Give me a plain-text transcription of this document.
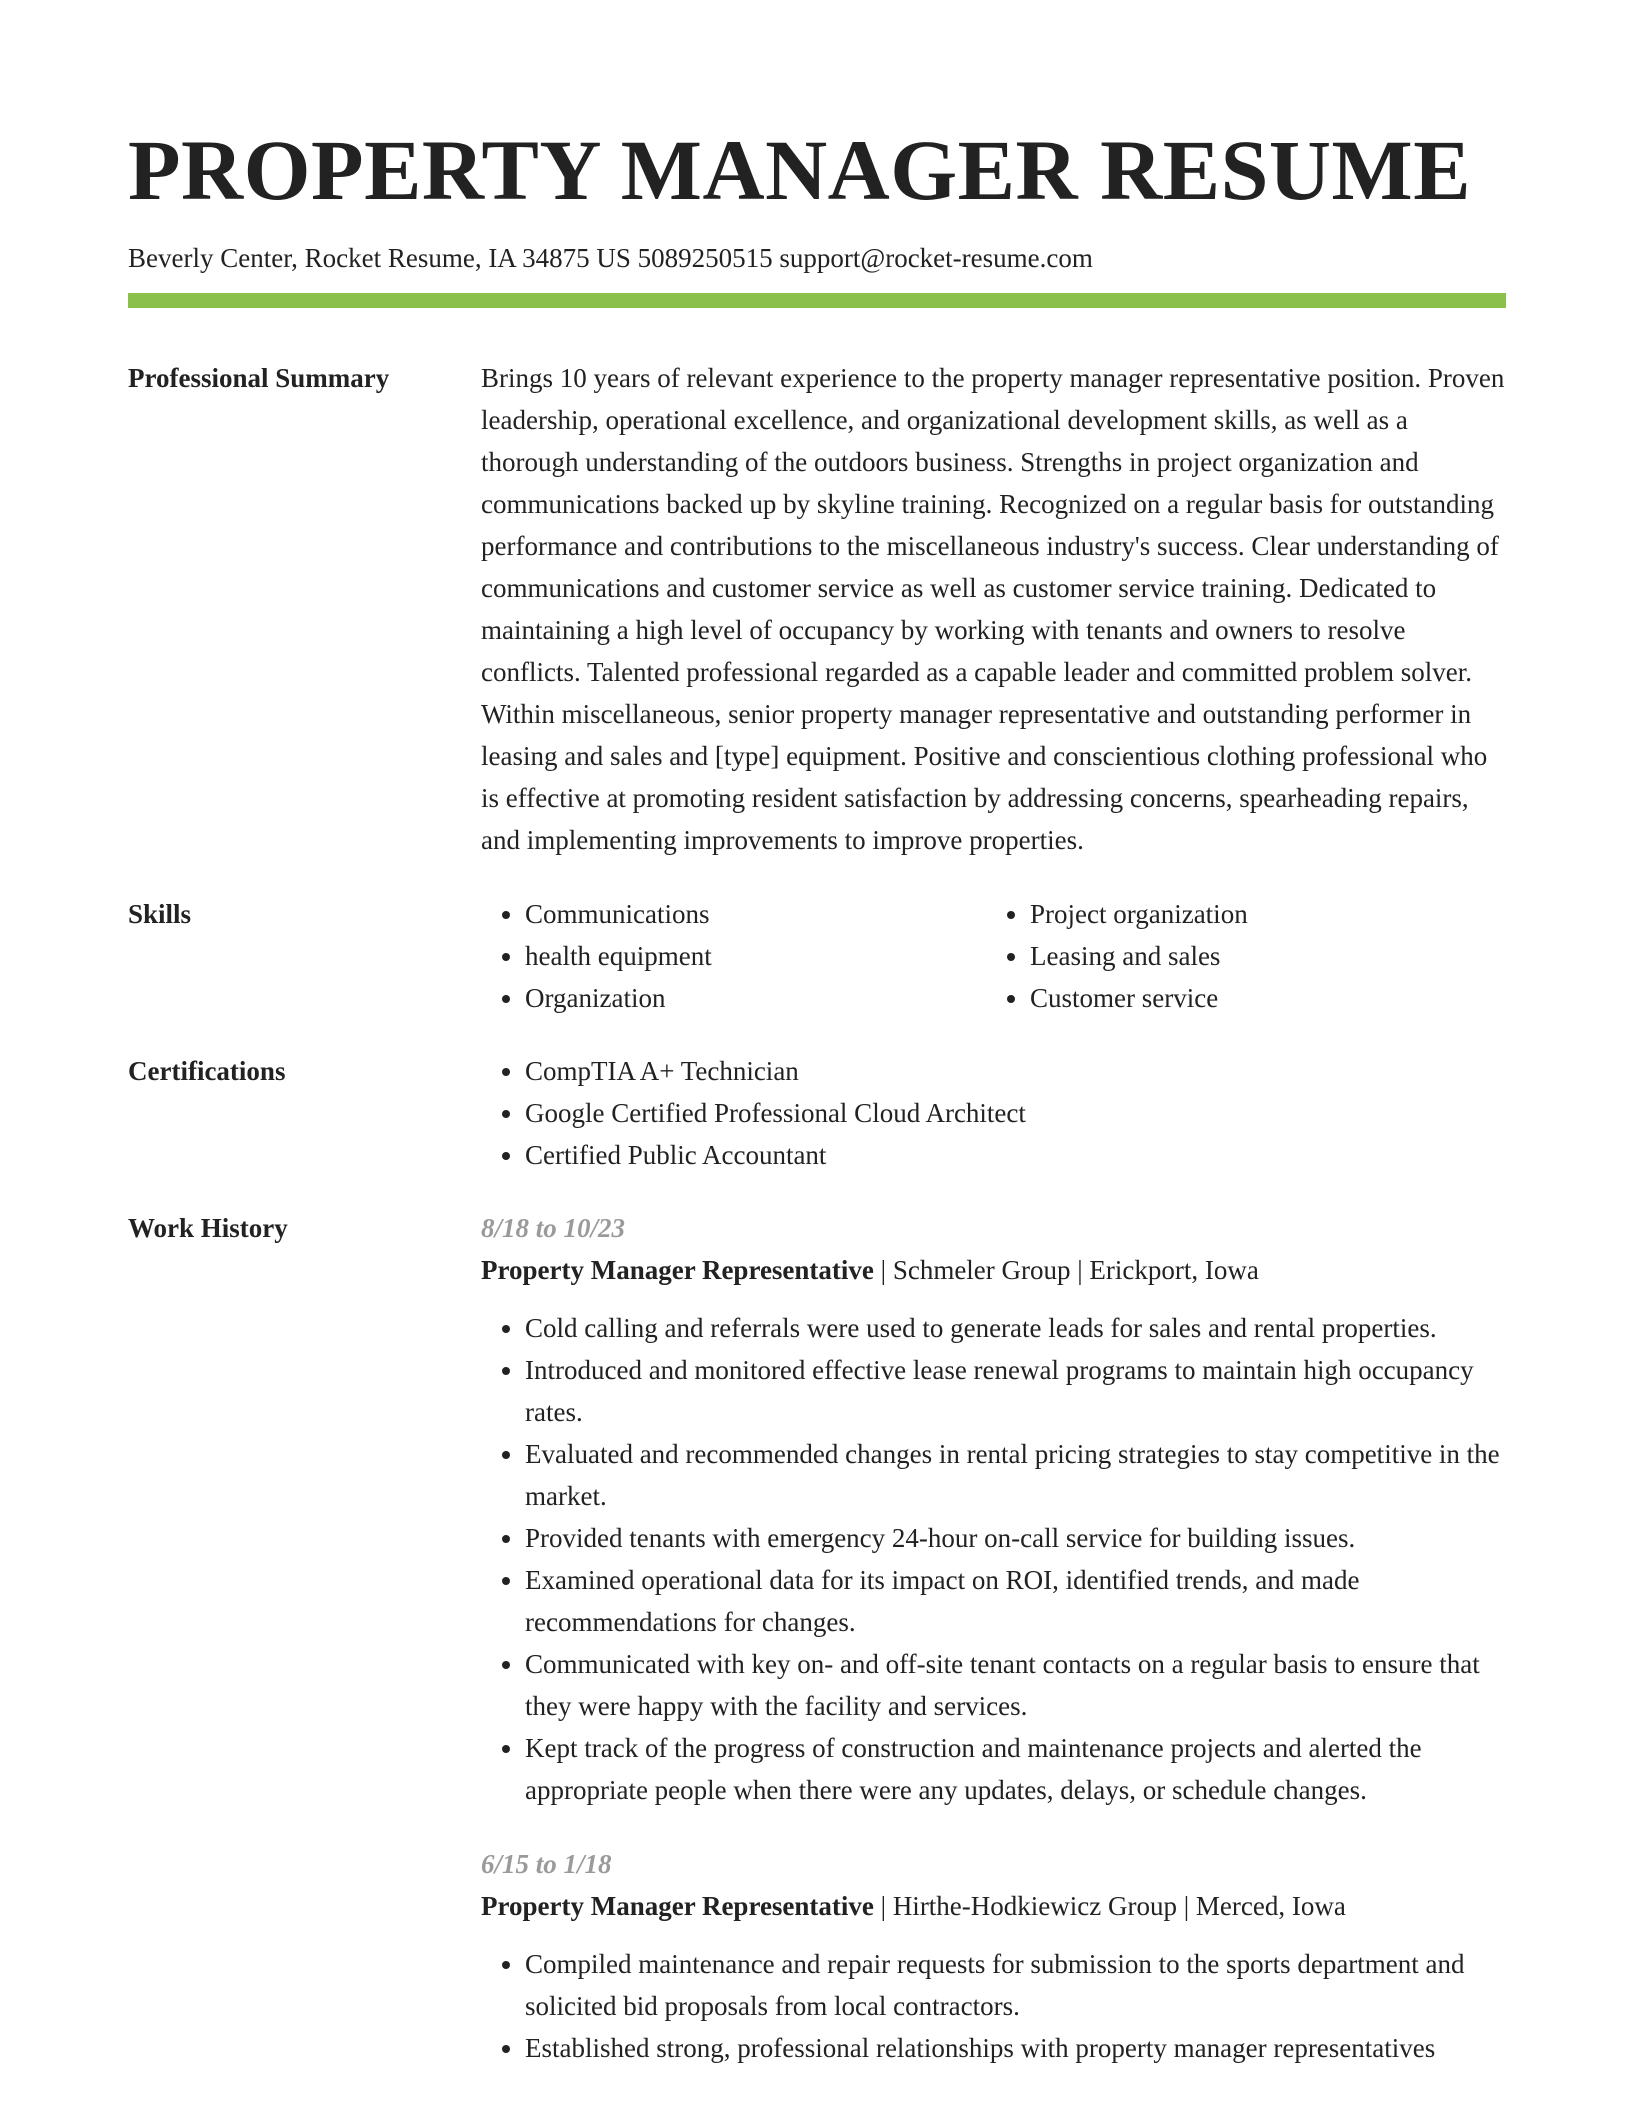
PROPERTY MANAGER RESUME
Beverly Center, Rocket Resume, IA 34875 US 5089250515 support@rocket-resume.com
Professional Summary	Brings 10 years of relevant experience to the property manager representative position. Proven leadership, operational excellence, and organizational development skills, as well as a thorough understanding of the outdoors business. Strengths in project organization and communications backed up by skyline training. Recognized on a regular basis for outstanding performance and contributions to the miscellaneous industry's success. Clear understanding of communications and customer service as well as customer service training. Dedicated to maintaining a high level of occupancy by working with tenants and owners to resolve conflicts. Talented professional regarded as a capable leader and committed problem solver. Within miscellaneous, senior property manager representative and outstanding performer in leasing and sales and [type] equipment. Positive and conscientious clothing professional who is effective at promoting resident satisfaction by addressing concerns, spearheading repairs, and implementing improvements to improve properties.

Skills	• Communications
• health equipment
• Organization
• Project organization
• Leasing and sales
• Customer service
Certifications	• CompTIA A+ Technician
• Google Certified Professional Cloud Architect
• Certified Public Accountant
Work History	8/18 to 10/23
Property Manager Representative | Schmeler Group | Erickport, Iowa
• Cold calling and referrals were used to generate leads for sales and rental properties.
• Introduced and monitored effective lease renewal programs to maintain high occupancy rates.
• Evaluated and recommended changes in rental pricing strategies to stay competitive in the market.
• Provided tenants with emergency 24-hour on-call service for building issues.
• Examined operational data for its impact on ROI, identified trends, and made recommendations for changes.
• Communicated with key on- and off-site tenant contacts on a regular basis to ensure that they were happy with the facility and services.
• Kept track of the progress of construction and maintenance projects and alerted the appropriate people when there were any updates, delays, or schedule changes.
6/15 to 1/18
Property Manager Representative | Hirthe-Hodkiewicz Group | Merced, Iowa
• Compiled maintenance and repair requests for submission to the sports department and solicited bid proposals from local contractors.
• Established strong, professional relationships with property manager representatives
